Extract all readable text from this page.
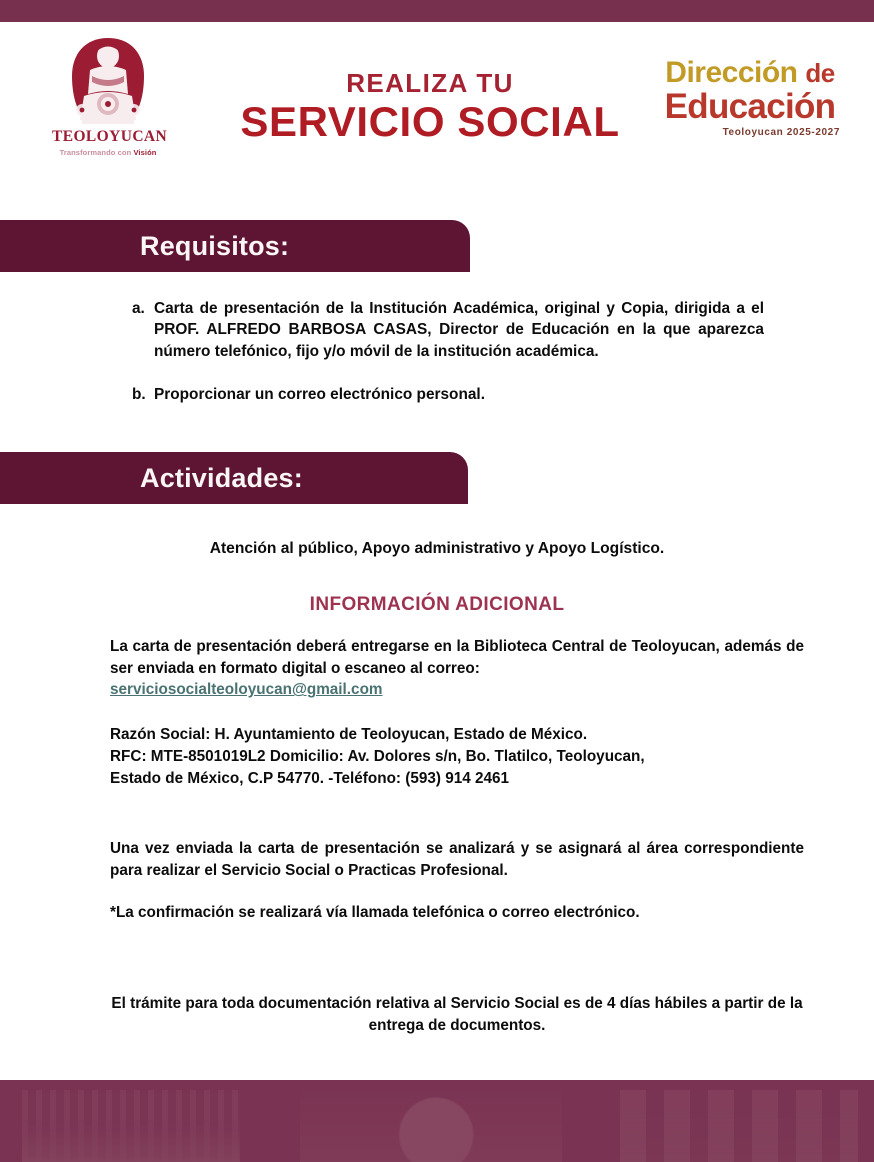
TEOLOYUCAN
Transformando con Visión
REALIZA TU
SERVICIO SOCIAL
Dirección de
Educación
Teoloyucan 2025-2027
Requisitos:
a. Carta de presentación de la Institución Académica, original y Copia, dirigida a el PROF. ALFREDO BARBOSA CASAS, Director de Educación en la que aparezca número telefónico, fijo y/o móvil de la institución académica.
b. Proporcionar un correo electrónico personal.
Actividades:
Atención al público, Apoyo administrativo y Apoyo Logístico.
INFORMACIÓN ADICIONAL
La carta de presentación deberá entregarse en la Biblioteca Central de Teoloyucan, además de ser enviada en formato digital o escaneo al correo:
serviciosocialteoloyucan@gmail.com
Razón Social: H. Ayuntamiento de Teoloyucan, Estado de México.
RFC: MTE-8501019L2 Domicilio: Av. Dolores s/n, Bo. Tlatilco, Teoloyucan,
Estado de México, C.P 54770. -Teléfono: (593) 914 2461
Una vez enviada la carta de presentación se analizará y se asignará al área correspondiente para realizar el Servicio Social o Practicas Profesional.
*La confirmación se realizará vía llamada telefónica o correo electrónico.
El trámite para toda documentación relativa al Servicio Social es de 4 días hábiles a partir de la entrega de documentos.
